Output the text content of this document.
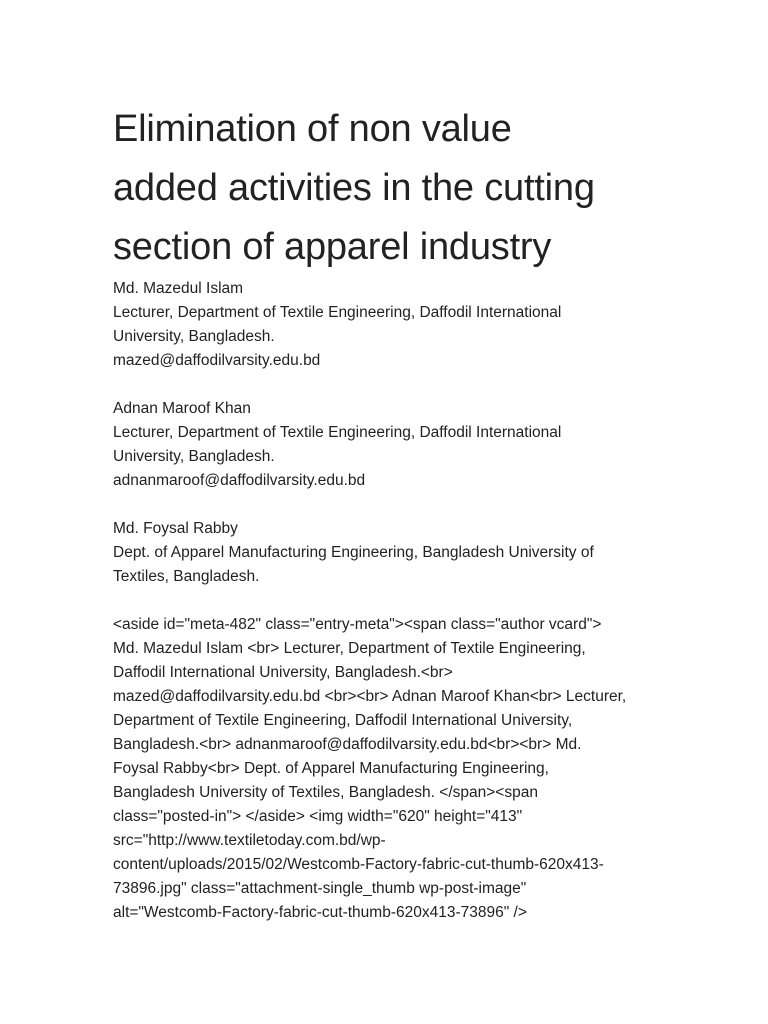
Elimination of non value
added activities in the cutting
section of apparel industry
Md. Mazedul Islam
Lecturer, Department of Textile Engineering, Daffodil International
University, Bangladesh.
mazed@daffodilvarsity.edu.bd
Adnan Maroof Khan
Lecturer, Department of Textile Engineering, Daffodil International
University, Bangladesh.
adnanmaroof@daffodilvarsity.edu.bd
Md. Foysal Rabby
Dept. of Apparel Manufacturing Engineering, Bangladesh University of
Textiles, Bangladesh.
<aside id="meta-482" class="entry-meta"><span class="author vcard">
Md. Mazedul Islam <br> Lecturer, Department of Textile Engineering,
Daffodil International University, Bangladesh.<br>
mazed@daffodilvarsity.edu.bd <br><br> Adnan Maroof Khan<br> Lecturer,
Department of Textile Engineering, Daffodil International University,
Bangladesh.<br> adnanmaroof@daffodilvarsity.edu.bd<br><br> Md.
Foysal Rabby<br> Dept. of Apparel Manufacturing Engineering,
Bangladesh University of Textiles, Bangladesh. </span><span
class="posted-in"> </aside> <img width="620" height="413"
src="http://www.textiletoday.com.bd/wp-
content/uploads/2015/02/Westcomb-Factory-fabric-cut-thumb-620x413-
73896.jpg" class="attachment-single_thumb wp-post-image"
alt="Westcomb-Factory-fabric-cut-thumb-620x413-73896" />
